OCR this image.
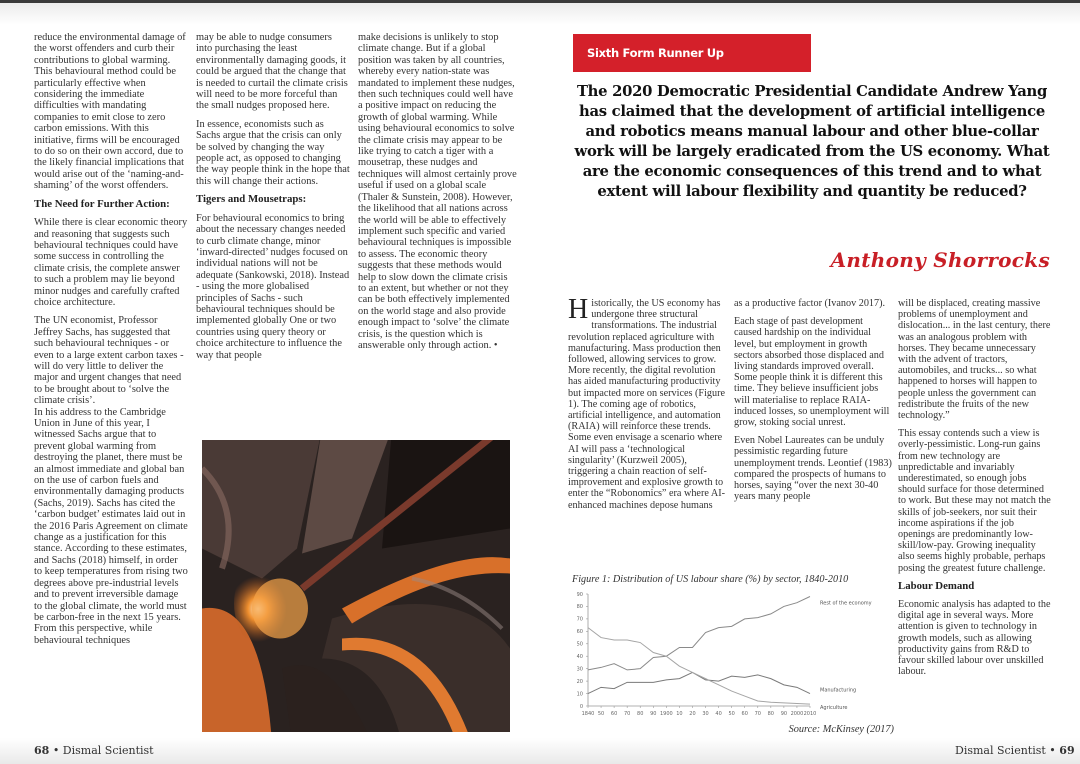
reduce the environmental damage of the worst offenders and curb their contributions to global warming. This behavioural method could be particularly effective when considering the immediate difficulties with mandating companies to emit close to zero carbon emissions. With this initiative, firms will be encouraged to do so on their own accord, due to the likely financial implications that would arise out of the ‘naming-and-shaming’ of the worst offenders.

The Need for Further Action:

While there is clear economic theory and reasoning that suggests such behavioural techniques could have some success in controlling the climate crisis, the complete answer to such a problem may lie beyond minor nudges and carefully crafted choice architecture.

The UN economist, Professor Jeffrey Sachs, has suggested that such behavioural techniques - or even to a large extent carbon taxes - will do very little to deliver the major and urgent changes that need to be brought about to ‘solve the climate crisis’.

In his address to the Cambridge Union in June of this year, I witnessed Sachs argue that to prevent global warming from destroying the planet, there must be an almost immediate and global ban on the use of carbon fuels and environmentally damaging products (Sachs, 2019). Sachs has cited the ‘carbon budget’ estimates laid out in the 2016 Paris Agreement on climate change as a justification for this stance. According to these estimates, and Sachs (2018) himself, in order to keep temperatures from rising two degrees above pre-industrial levels and to prevent irreversible damage to the global climate, the world must be carbon-free in the next 15 years. From this perspective, while behavioural techniques

may be able to nudge consumers into purchasing the least environmentally damaging goods, it could be argued that the change that is needed to curtail the climate crisis will need to be more forceful than the small nudges proposed here.

In essence, economists such as Sachs argue that the crisis can only be solved by changing the way people act, as opposed to changing the way people think in the hope that this will change their actions.

Tigers and Mousetraps:

For behavioural economics to bring about the necessary changes needed to curb climate change, minor ‘inward-directed’ nudges focused on individual nations will not be adequate (Sankowski, 2018). Instead - using the more globalised principles of Sachs - such behavioural techniques should be implemented globally One or two countries using query theory or choice architecture to influence the way that people

make decisions is unlikely to stop climate change. But if a global position was taken by all countries, whereby every nation-state was mandated to implement these nudges, then such techniques could well have a positive impact on reducing the growth of global warming. While using behavioural economics to solve the climate crisis may appear to be like trying to catch a tiger with a mousetrap, these nudges and techniques will almost certainly prove useful if used on a global scale (Thaler & Sunstein, 2008). However, the likelihood that all nations across the world will be able to effectively implement such specific and varied behavioural techniques is impossible to assess. The economic theory suggests that these methods would help to slow down the climate crisis to an extent, but whether or not they can be both effectively implemented on the world stage and also provide enough impact to ‘solve’ the climate crisis, is the question which is answerable only through action. •

68 • Dismal Scientist
Sixth Form Runner Up
The 2020 Democratic Presidential Candidate Andrew Yang has claimed that the development of artificial intelligence and robotics means manual labour and other blue-collar work will be largely eradicated from the US economy. What are the economic consequences of this trend and to what extent will labour flexibility and quantity be reduced?
Anthony Shorrocks

Historically, the US economy has undergone three structural transformations. The industrial revolution replaced agriculture with manufacturing. Mass production then followed, allowing services to grow. More recently, the digital revolution has aided manufacturing productivity but impacted more on services (Figure 1). The coming age of robotics, artificial intelligence, and automation (RAIA) will reinforce these trends. Some even envisage a scenario where AI will pass a ‘technological singularity’ (Kurzweil 2005), triggering a chain reaction of self-improvement and explosive growth to enter the “Robonomics” era where AI-enhanced machines depose humans

as a productive factor (Ivanov 2017).

Each stage of past development caused hardship on the individual level, but employment in growth sectors absorbed those displaced and living standards improved overall. Some people think it is different this time. They believe insufficient jobs will materialise to replace RAIA-induced losses, so unemployment will grow, stoking social unrest.

Even Nobel Laureates can be unduly pessimistic regarding future unemployment trends. Leontief (1983) compared the prospects of humans to horses, saying “over the next 30-40 years many people

will be displaced, creating massive problems of unemployment and dislocation... in the last century, there was an analogous problem with horses. They became unnecessary with the advent of tractors, automobiles, and trucks... so what happened to horses will happen to people unless the government can redistribute the fruits of the new technology.”

This essay contends such a view is overly-pessimistic. Long-run gains from new technology are unpredictable and invariably underestimated, so enough jobs should surface for those determined to work. But these may not match the skills of job-seekers, nor suit their income aspirations if the job openings are predominantly low-skill/low-pay. Growing inequality also seems highly probable, perhaps posing the greatest future challenge.

Labour Demand

Economic analysis has adapted to the digital age in several ways. More attention is given to technology in growth models, such as allowing productivity gains from R&D to favour skilled labour over unskilled labour.

Figure 1: Distribution of US labour share (%) by sector, 1840-2010
0
10
20
30
40
50
60
70
80
90
1840 50 60 70 80 90 1900 10 20 30 40 50 60 70 80 90 2000 2010
Rest of the economy
Manufacturing
Agriculture
Source: McKinsey (2017)
Dismal Scientist • 69
